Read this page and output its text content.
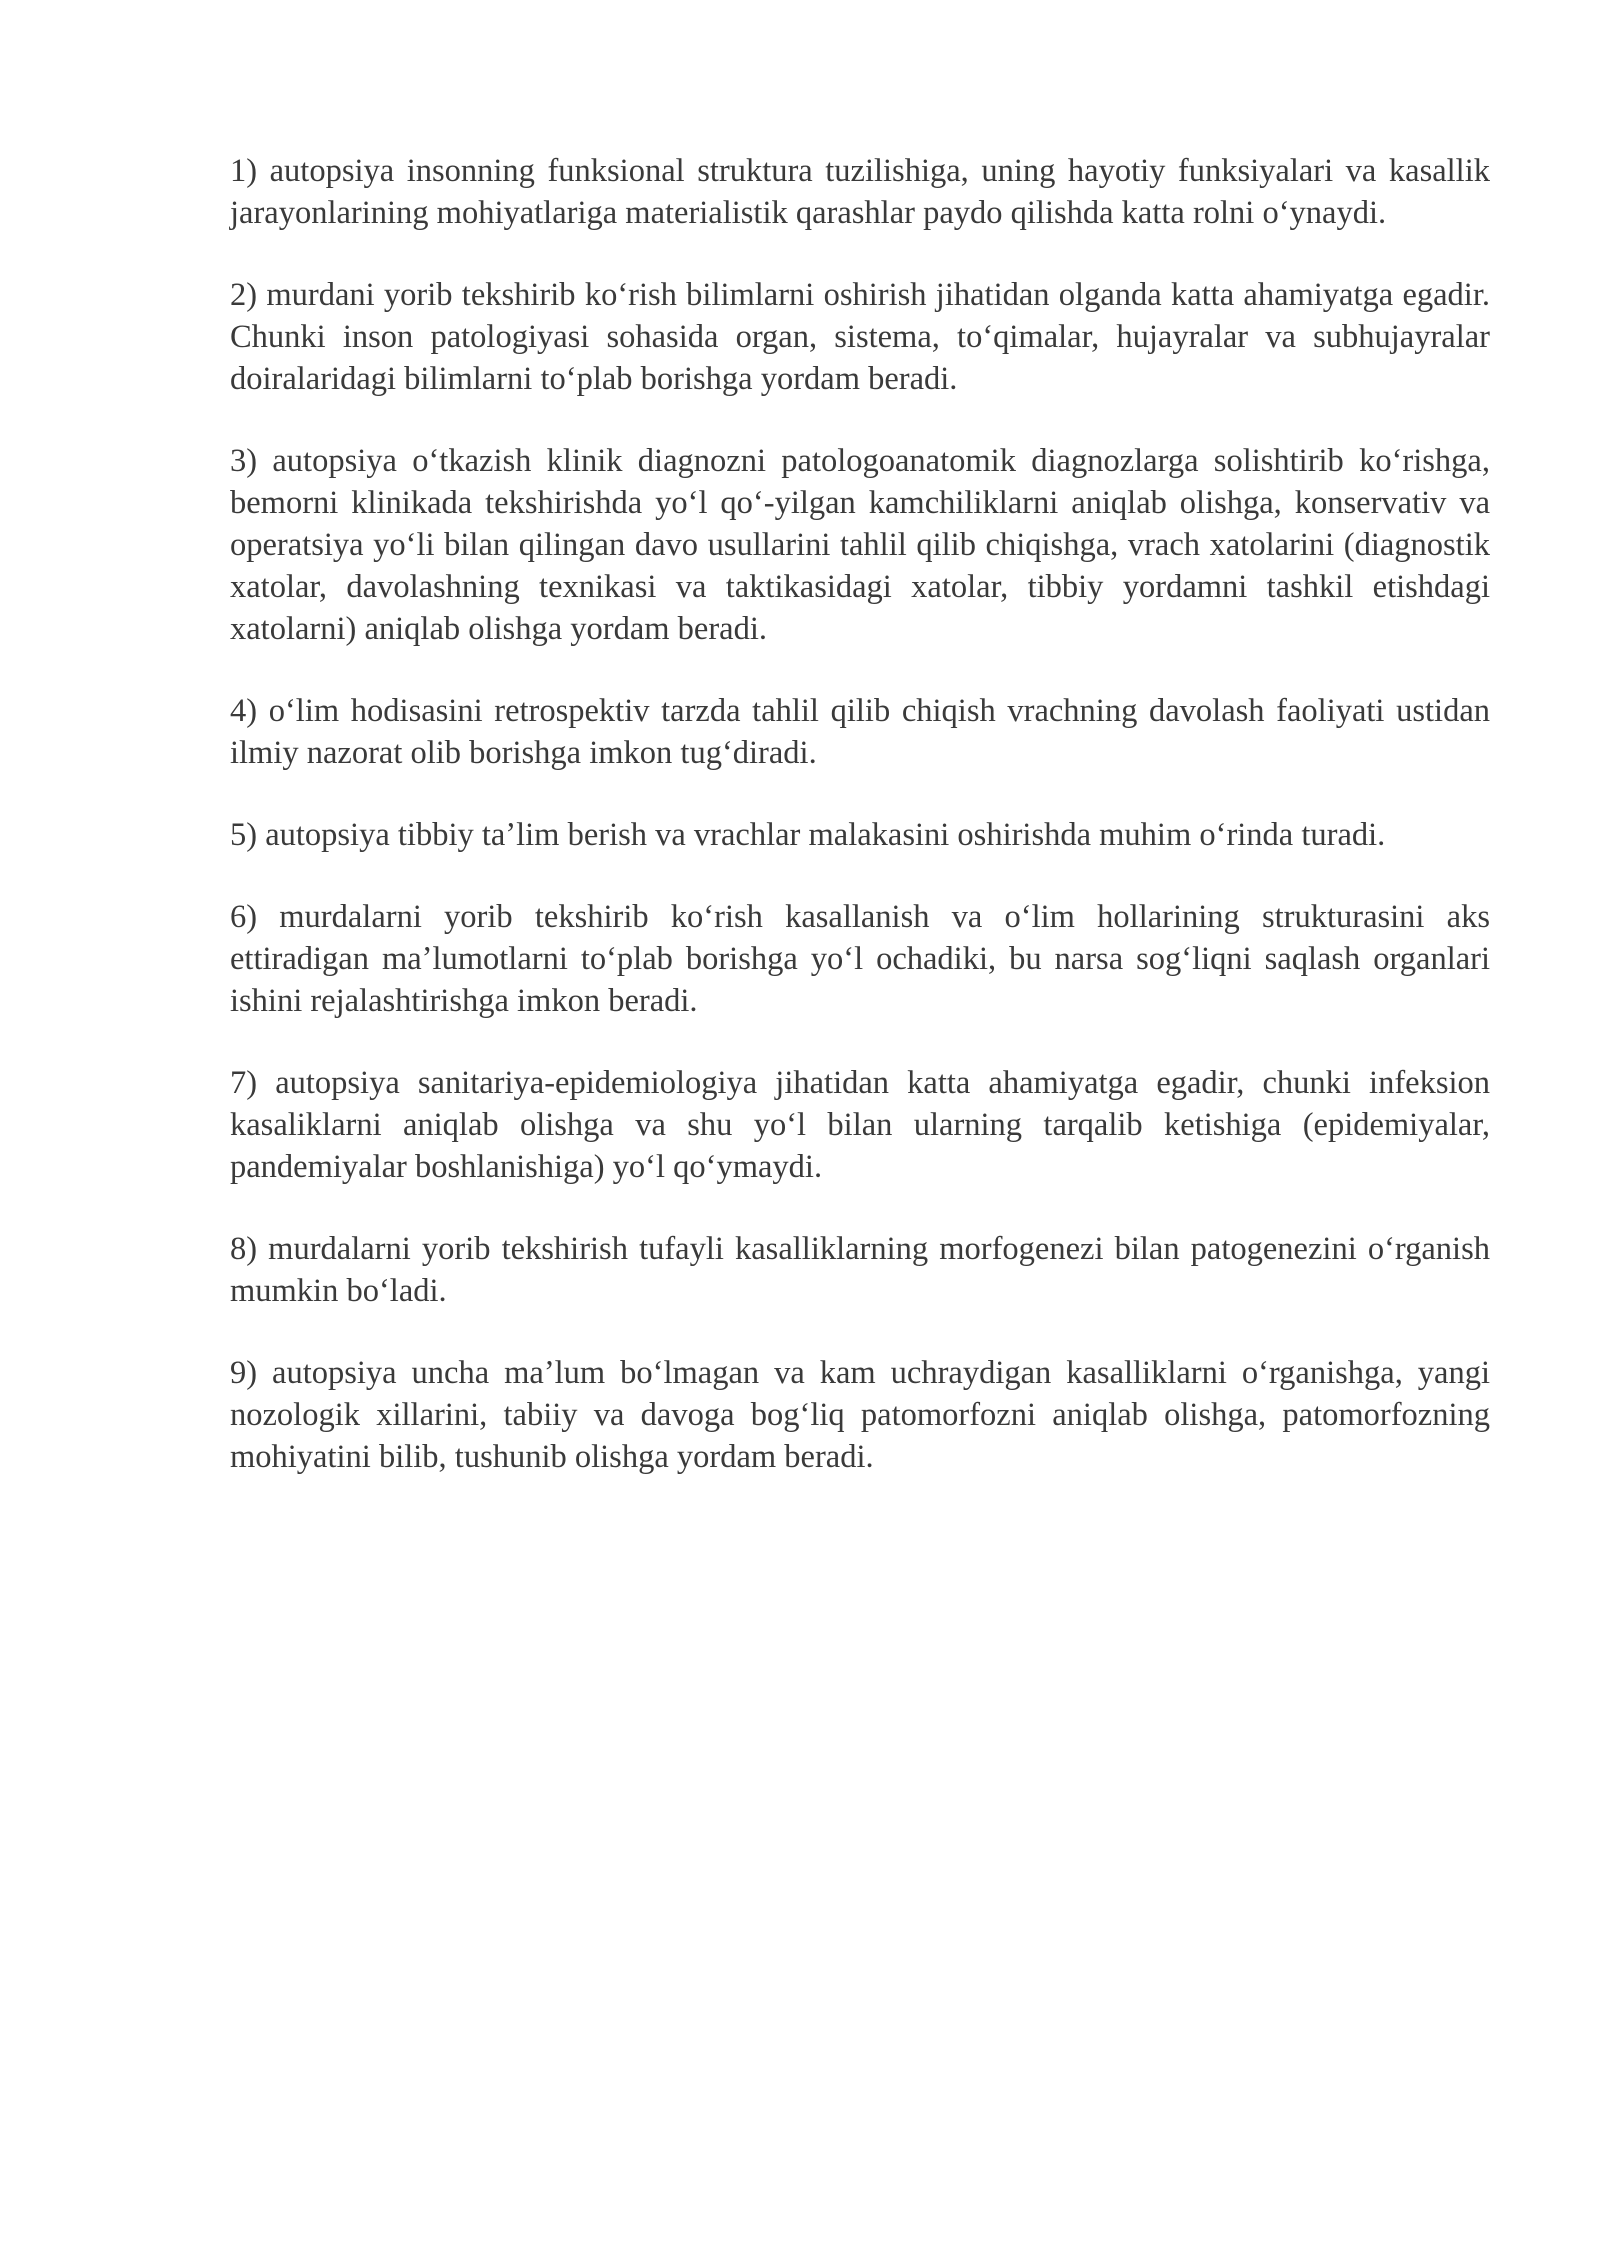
1) autopsiya insonning funksional struktura tuzilishiga, uning hayotiy funksiyalari va kasallik jarayonlarining mohiyatlariga materialistik qarashlar paydo qilishda katta rolni oʻynaydi.

2) murdani yorib tekshirib koʻrish bilimlarni oshirish jihatidan olganda katta ahamiyatga egadir. Chunki inson patologiyasi sohasida organ, sistema, toʻqimalar, hujayralar va subhujayralar doiralaridagi bilimlarni toʻplab borishga yordam beradi.

3) autopsiya oʻtkazish klinik diagnozni patologoanatomik diagnozlarga solishtirib koʻrishga, bemorni klinikada tekshirishda yoʻl qoʻ-yilgan kamchiliklarni aniqlab olishga, konservativ va operatsiya yoʻli bilan qilingan davo usullarini tahlil qilib chiqishga, vrach xatolarini (diagnostik xatolar, davolashning texnikasi va taktikasidagi xatolar, tibbiy yordamni tashkil etishdagi xatolarni) aniqlab olishga yordam beradi.

4) oʻlim hodisasini retrospektiv tarzda tahlil qilib chiqish vrachning davolash faoliyati ustidan ilmiy nazorat olib borishga imkon tugʻdiradi.

5) autopsiya tibbiy taʼlim berish va vrachlar malakasini oshirishda muhim oʻrinda turadi.

6) murdalarni yorib tekshirib koʻrish kasallanish va oʻlim hollarining strukturasini aks ettiradigan maʼlumotlarni toʻplab borishga yoʻl ochadiki, bu narsa sogʻliqni saqlash organlari ishini rejalashtirishga imkon beradi.

7) autopsiya sanitariya-epidemiologiya jihatidan katta ahamiyatga egadir, chunki infeksion kasaliklarni aniqlab olishga va shu yoʻl bilan ularning tarqalib ketishiga (epidemiyalar, pandemiyalar boshlanishiga) yoʻl qoʻymaydi.

8) murdalarni yorib tekshirish tufayli kasalliklarning morfogenezi bilan patogenezini oʻrganish mumkin boʻladi.

9) autopsiya uncha maʼlum boʻlmagan va kam uchraydigan kasalliklarni oʻrganishga, yangi nozologik xillarini, tabiiy va davoga bogʻliq patomorfozni aniqlab olishga, patomorfozning mohiyatini bilib, tushunib olishga yordam beradi.
